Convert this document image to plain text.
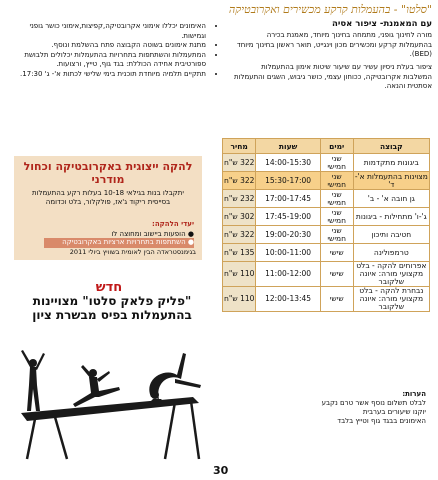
"סלטו" - בהעמלות קרקע מכשירים ואקרובטיקה
עם המאמנת- ציפור אסיה
מורה לחינוך גופני, מתמחה בחינוך מיוחד, מאמנת בכירה בהתעמלות קרקע ומכשירים מכון וינגייט, תואר ראשון בחינוך מיוחד (BED).
ציפור בעלת ניסיון עשיר עם שיעור שיטות אימון בהתעמלות המשלבות אקרובטיקה, ככוחון עצמי, כושר גיבוש, השגים והתעמלות אסתטית והנאה.
• האימונים יכללו אימוני אקרובטיקה,קפיצות,אימוני כושר גופני וגמישות.
• מתנת אימונים בשוטה הקבוצה פתח בהשלמת ונוסף.
• המתעמלות והשתתפות בתחרויות בהתעמלות יכלולים תלבושת ספורטיבית אחידה הכוללת: בגד גוף, טייץ, ורצועות.
• תתקיים תלמיה מיוחדת תוכנית בימי שלישי לכתות א'- ג' 17:30.
קבוצה	ימים	שעות	מחיר
ביגונות מתקדמות	שני חמישי	14:00-15:30	322 ש"ח
מצוינות בהתעמלות א'-ד'	שני חמישי	15:30-17:00	322 ש"ח
גן חובה א' - ב'	שני חמישי	17:00-17:45	232 ש"ח
ג'-ו' מתחילות - ביגונות	שני חמישי	17:45-19:00	302 ש"ח
חטיבה ותיכון	שני חמישי	19:00-20:30	322 ש"ח
טרמפולינה	שישי	10:00-11:00	135 ש"ח
אפרוחים להקה - בלט מקצועי מורה: איונה שלקובר	שישי	11:00-12:00	110 ש"ח
נבחרת להקה - בלט מקצועי מורה: איונה שלקובר	שישי	12:00-13:45	110 ש"ח
הערות:
לבלט תשלום נוסף אשר טרם נקבע
יוקנו שיעורים בערבית
האימונים בבגד גוף וטייץ בלבד
להקה ייצוגית באקרובטיקה וכחול מודרני
יתקבלו בנות בגילאי 10-18 בעלות רקע בהתעמלות בסייסית ריקוד ג'אז, פולקלור, בלט וכדומה
יעדי הלהקה:
● הופעות ביישוב ומחוצה לו
● השתתפות בתחרויות ארציות באקרובטיקה
בגימנסטראדה הבין לאומית בשוויץ ביולי 2011
חדש
"פליק פלאק סלטו" מצויינות בהתעמלות בפיס מבשרת ציון
30
